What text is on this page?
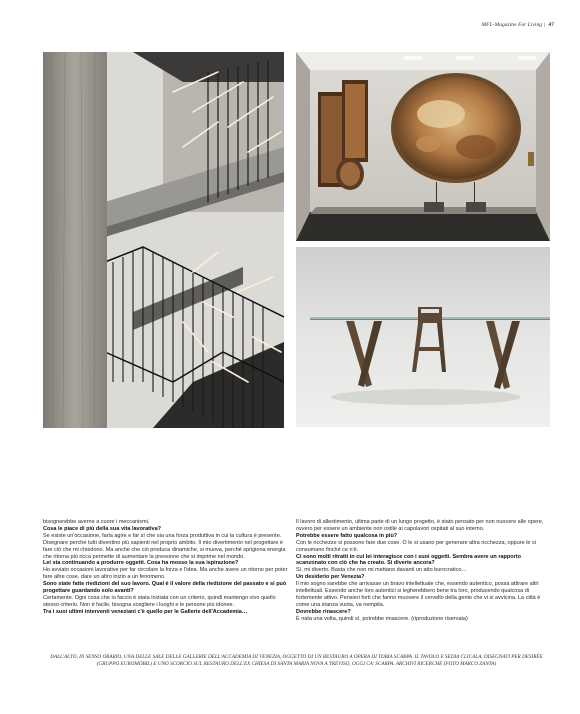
MFL-Magazine For Living | 47

bisognerebbe averne a cuore i meccanismi.

Cosa le piace di più della sua vita lavorativa?

Se esiste un'occasione, farla agire e far sì che sia una forza produttiva in cui la cultura è presente. Disegnare perché tutti diventino più sapienti nel proprio ambito. Il mio divertimento nel progettare è fare ciò che mi chiedono. Ma anche che ciò produca dinamiche, si muova, perché sprigiona energia che ritorna più ricca permette di aumentare la pressione che si imprime nel mondo.

Lei sta continuando a produrre oggetti. Cosa ha mosso la sua ispirazione?

Ho avviato occasioni lavorative per far circolare la forza e l'idea. Ma anche avere un ritorno per poter fare altre cose, dare un altro inizio a un fenomeno.

Sono state fatte riedizioni del suo lavoro. Qual è il valore della riedizione del passato e si può progettare guardando solo avanti?

Certamente. Ogni cosa che io faccio è stata iniziata con un criterio, quindi mantengo vivo quello stesso criterio. Non è facile, bisogna scegliere i luoghi e le persone più idonee.

Tra i suoi ultimi interventi veneziani c'è quello per le Gallerie dell'Accademia…

Il lavoro di allestimento, ultima parte di un lungo progetto, è stato pensato per non nuocere alle opere, ovvero per essere un ambiente non ostile ai capolavori ospitati al suo interno.

Potrebbe essere fatto qualcosa in più?

Con le ricchezze si possono fare due cose. O le si usano per generare altra ricchezza, oppure le si consumano finché ce n'è.

Ci sono molti ritratti in cui lei interagisce con i suoi oggetti. Sembra avere un rapporto scanzonato con ciò che ha creato. Si diverte ancora?

Sì, mi diverto. Basta che non mi mettano davanti un atto burocratico…

Un desiderio per Venezia?

Il mio sogno sarebbe che arrivasse un bravo intellettuale che, essendo autentico, possa attirare altri intellettuali. Essendo anche loro autentici si legherebbero bene tra loro, producendo qualcosa di fortemente attivo. Pensieri forti che fanno muovere il cervello della gente che vi si avvicina. La città è come una stanza vuota, va riempita.

Dovrebbe rinascere?

È nata una volta, quindi sì, potrebbe rinascere. (riproduzione riservata)

DALL'ALTO, IN SENSO ORARIO, UNA DELLE SALE DELLE GALLERIE DELL'ACCADEMIA DI VENEZIA, OGGETTO DI UN RESTAURO A OPERA DI TOBIA SCARPA. IL TAVOLO E SEDIA CLICALA, DISEGNATI PER DESIRÉE (GRUPPO EUROMOBIL) E UNO SCORCIO SUL RESTAURO DELL'EX CHIESA DI SANTA MARIA NOVA A TREVISO, OGGI CA' SCARPA. ARCHIVI RICERCHE (FOTO MARCO ZANTA)
